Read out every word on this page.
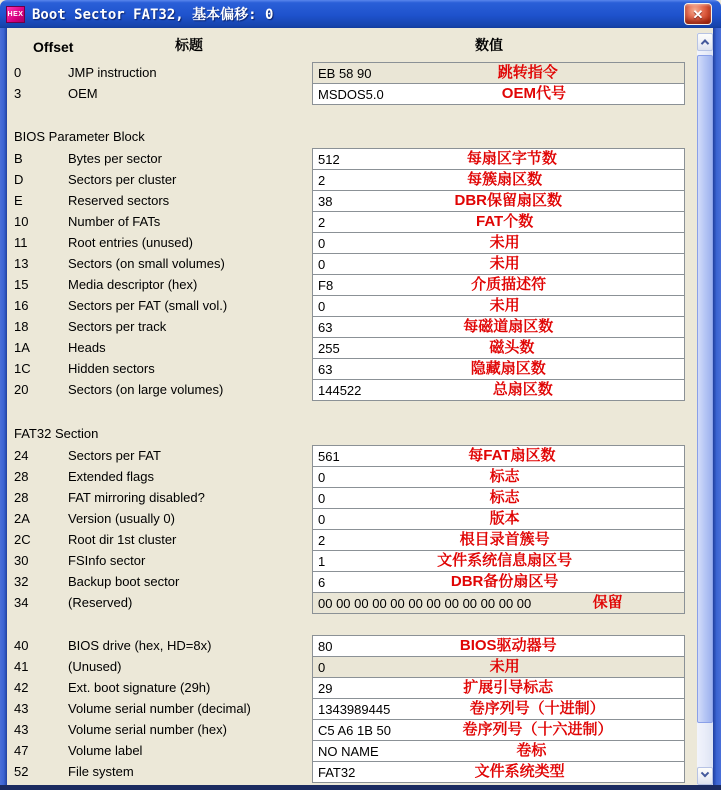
HEX Boot Sector FAT32, 基本偏移: 0	✕
Offset	标题	数值
0	JMP instruction	EB 58 90	跳转指令
3	OEM	MSDOS5.0	OEM代号
BIOS Parameter Block
B	Bytes per sector	512	每扇区字节数
D	Sectors per cluster	2	每簇扇区数
E	Reserved sectors	38	DBR保留扇区数
10	Number of FATs	2	FAT个数
11	Root entries (unused)	0	未用
13	Sectors (on small volumes)	0	未用
15	Media descriptor (hex)	F8	介质描述符
16	Sectors per FAT (small vol.)	0	未用
18	Sectors per track	63	每磁道扇区数
1A	Heads	255	磁头数
1C	Hidden sectors	63	隐藏扇区数
20	Sectors (on large volumes)	144522	总扇区数
FAT32 Section
24	Sectors per FAT	561	每FAT扇区数
28	Extended flags	0	标志
28	FAT mirroring disabled?	0	标志
2A	Version (usually 0)	0	版本
2C	Root dir 1st cluster	2	根目录首簇号
30	FSInfo sector	1	文件系统信息扇区号
32	Backup boot sector	6	DBR备份扇区号
34	(Reserved)	00 00 00 00 00 00 00 00 00 00 00 00	保留
40	BIOS drive (hex, HD=8x)	80	BIOS驱动器号
41	(Unused)	0	未用
42	Ext. boot signature (29h)	29	扩展引导标志
43	Volume serial number (decimal)	1343989445	卷序列号（十进制）
43	Volume serial number (hex)	C5 A6 1B 50	卷序列号（十六进制）
47	Volume label	NO NAME	卷标
52	File system	FAT32	文件系统类型
